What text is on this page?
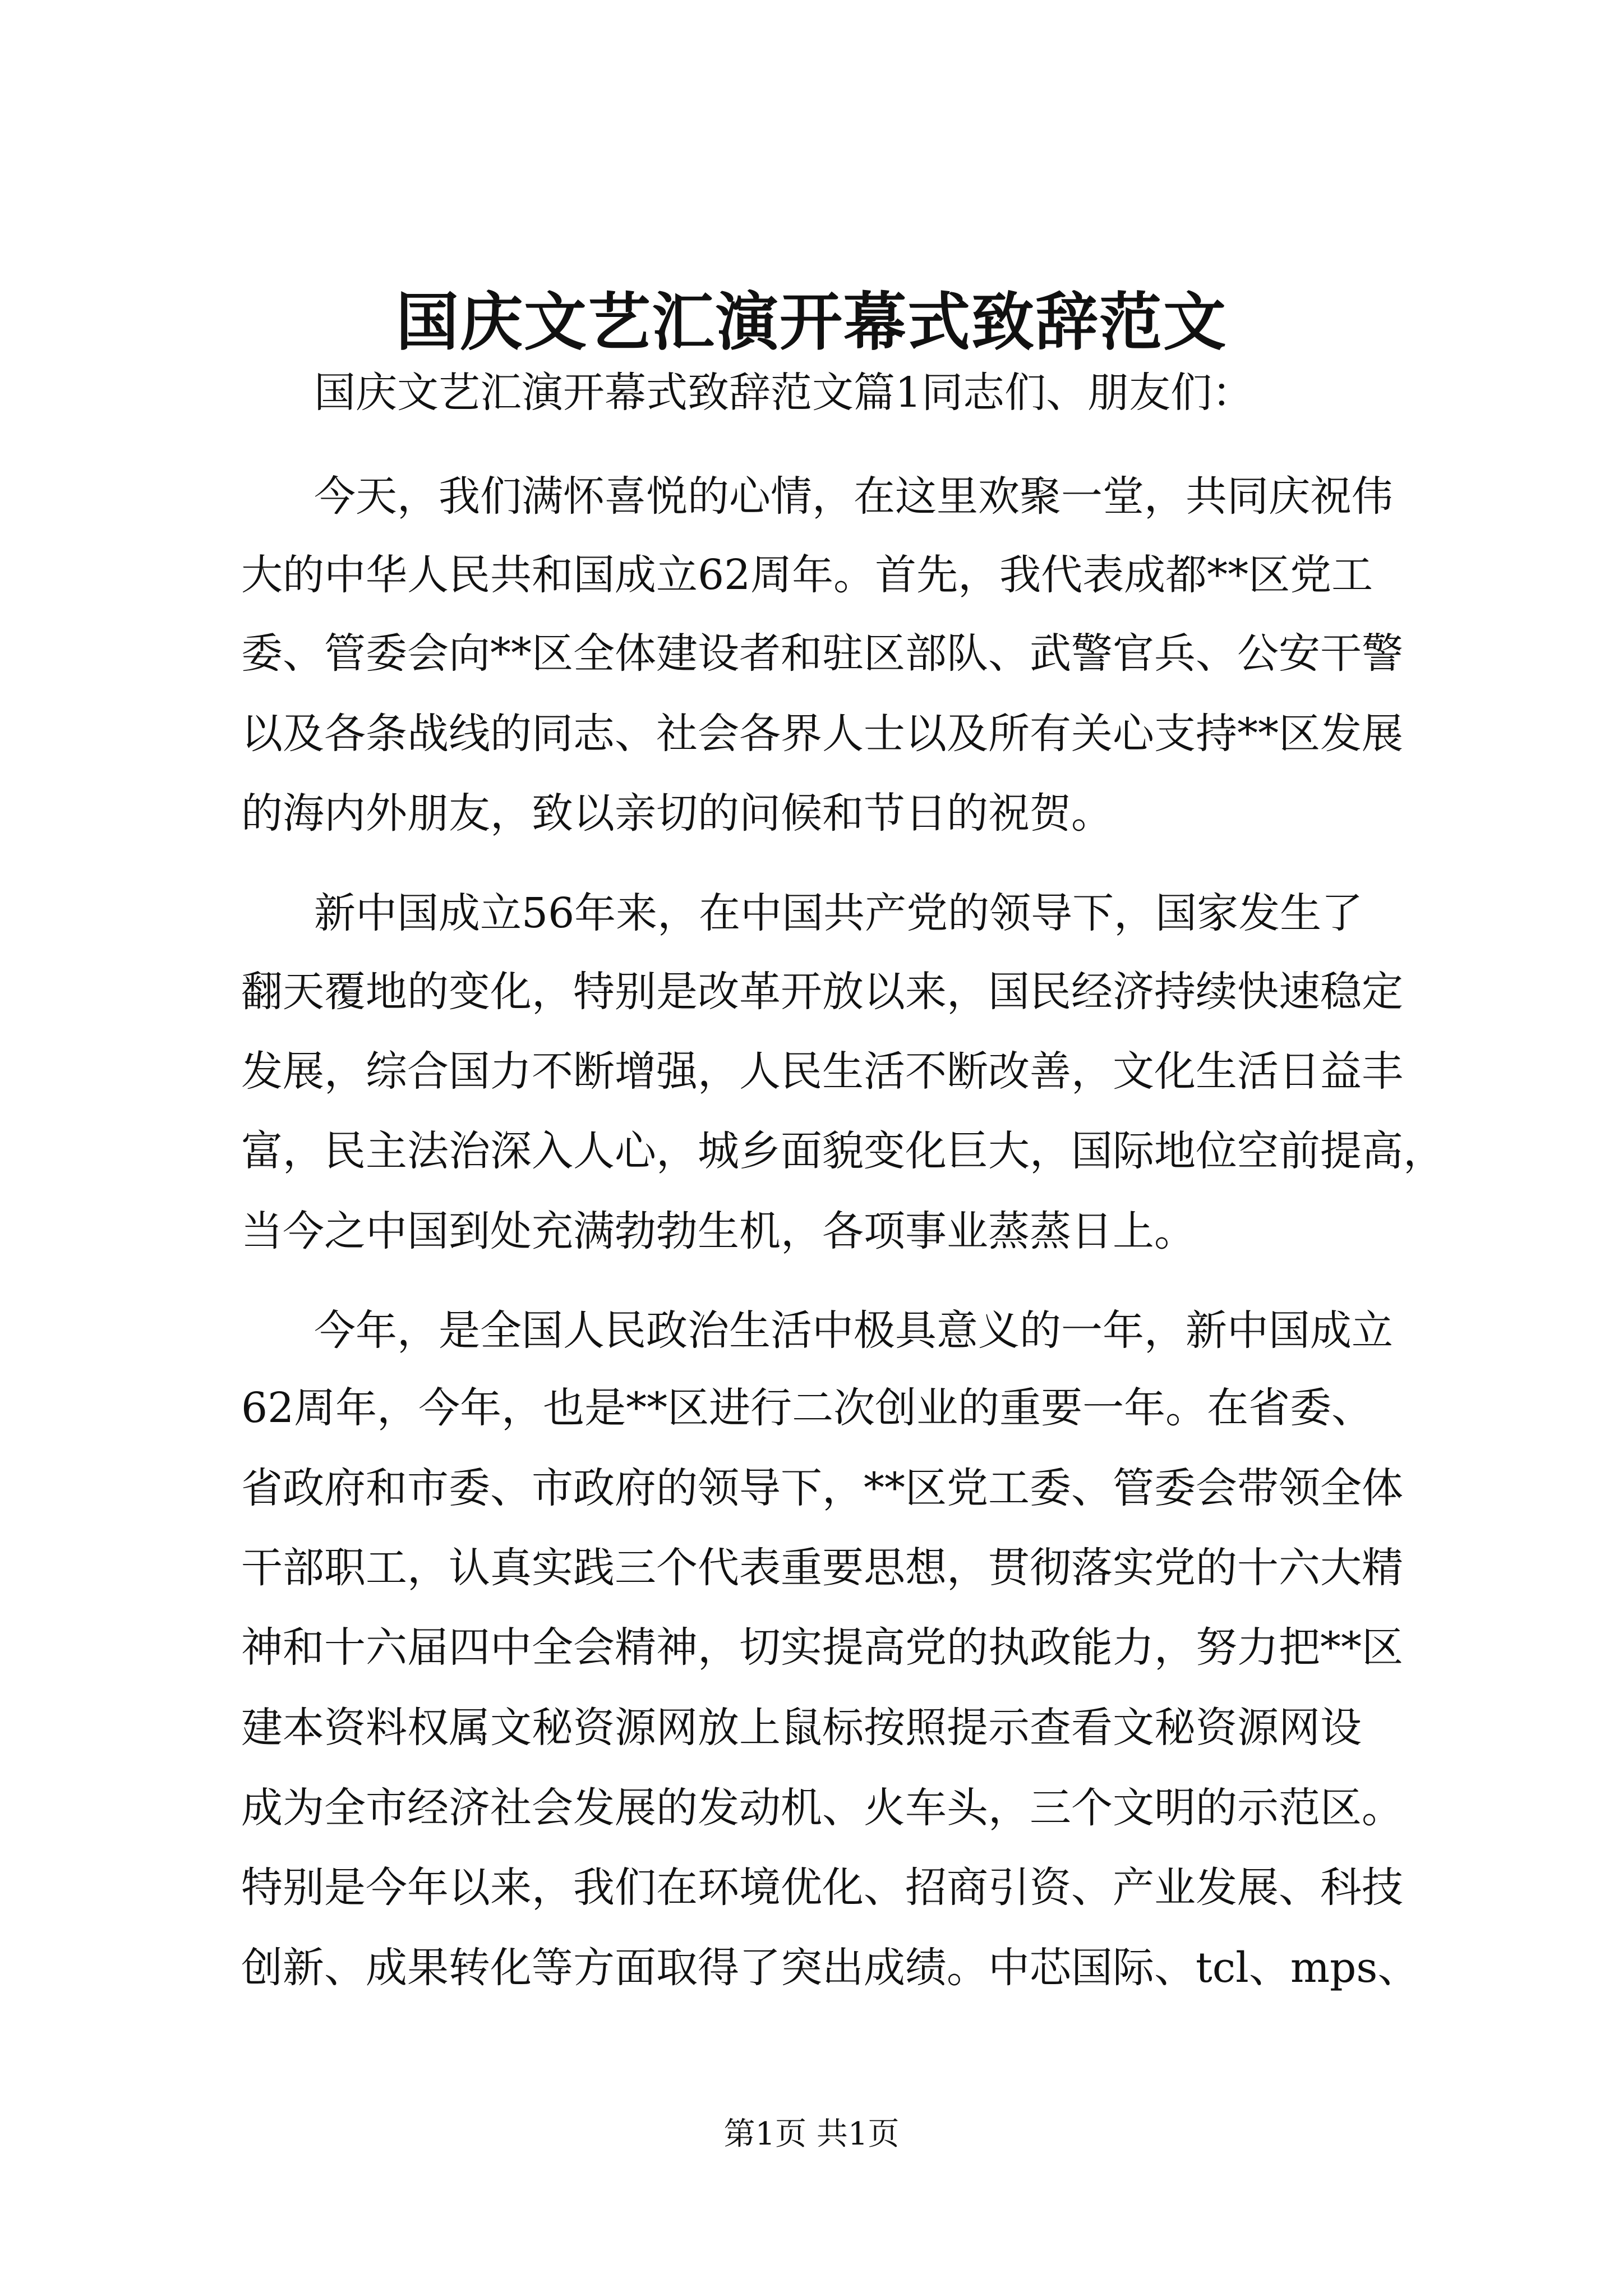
国庆文艺汇演开幕式致辞范文
国庆文艺汇演开幕式致辞范文篇1同志们、朋友们：
今天，我们满怀喜悦的心情，在这里欢聚一堂，共同庆祝伟
大的中华人民共和国成立62周年。首先，我代表成都**区党工
委、管委会向**区全体建设者和驻区部队、武警官兵、公安干警
以及各条战线的同志、社会各界人士以及所有关心支持**区发展
的海内外朋友，致以亲切的问候和节日的祝贺。
新中国成立56年来，在中国共产党的领导下，国家发生了
翻天覆地的变化，特别是改革开放以来，国民经济持续快速稳定
发展，综合国力不断增强，人民生活不断改善，文化生活日益丰
富，民主法治深入人心，城乡面貌变化巨大，国际地位空前提高，
当今之中国到处充满勃勃生机，各项事业蒸蒸日上。
今年，是全国人民政治生活中极具意义的一年，新中国成立
62周年，今年，也是**区进行二次创业的重要一年。在省委、
省政府和市委、市政府的领导下，**区党工委、管委会带领全体
干部职工，认真实践三个代表重要思想，贯彻落实党的十六大精
神和十六届四中全会精神，切实提高党的执政能力，努力把**区
建本资料权属文秘资源网放上鼠标按照提示查看文秘资源网设
成为全市经济社会发展的发动机、火车头，三个文明的示范区。
特别是今年以来，我们在环境优化、招商引资、产业发展、科技
创新、成果转化等方面取得了突出成绩。中芯国际、tcl、mps、
第1页 共1页
